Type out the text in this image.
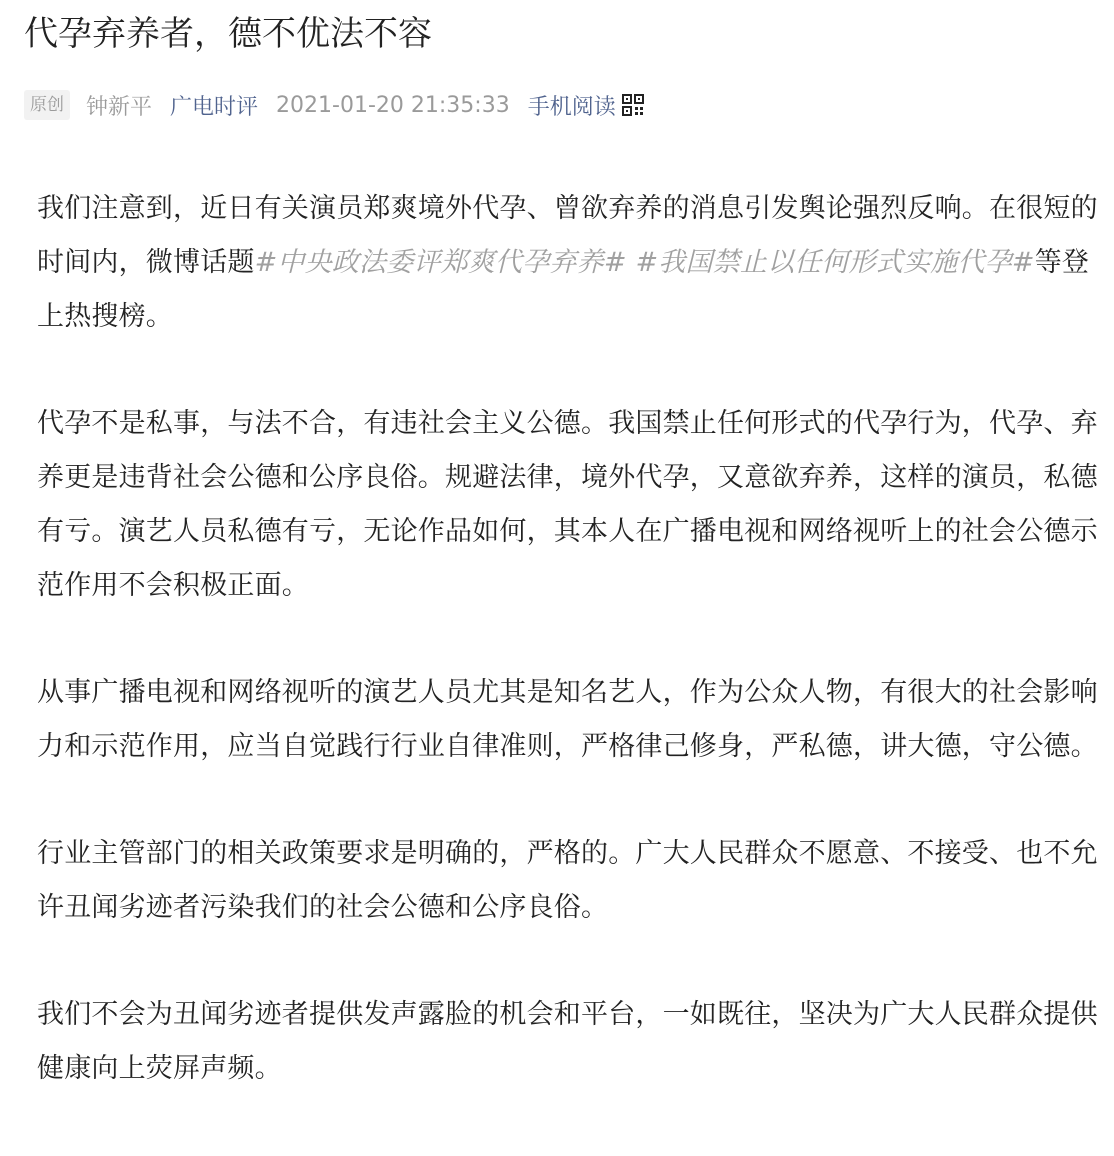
代孕弃养者，德不优法不容
原创 钟新平 广电时评 2021-01-20 21:35:33 手机阅读

我们注意到，近日有关演员郑爽境外代孕、曾欲弃养的消息引发舆论强烈反响。在很短的时间内，微博话题#中央政法委评郑爽代孕弃养# #我国禁止以任何形式实施代孕#等登上热搜榜。

代孕不是私事，与法不合，有违社会主义公德。我国禁止任何形式的代孕行为，代孕、弃养更是违背社会公德和公序良俗。规避法律，境外代孕，又意欲弃养，这样的演员，私德有亏。演艺人员私德有亏，无论作品如何，其本人在广播电视和网络视听上的社会公德示范作用不会积极正面。

从事广播电视和网络视听的演艺人员尤其是知名艺人，作为公众人物，有很大的社会影响力和示范作用，应当自觉践行行业自律准则，严格律己修身，严私德，讲大德，守公德。

行业主管部门的相关政策要求是明确的，严格的。广大人民群众不愿意、不接受、也不允许丑闻劣迹者污染我们的社会公德和公序良俗。

我们不会为丑闻劣迹者提供发声露脸的机会和平台，一如既往，坚决为广大人民群众提供健康向上荧屏声频。
